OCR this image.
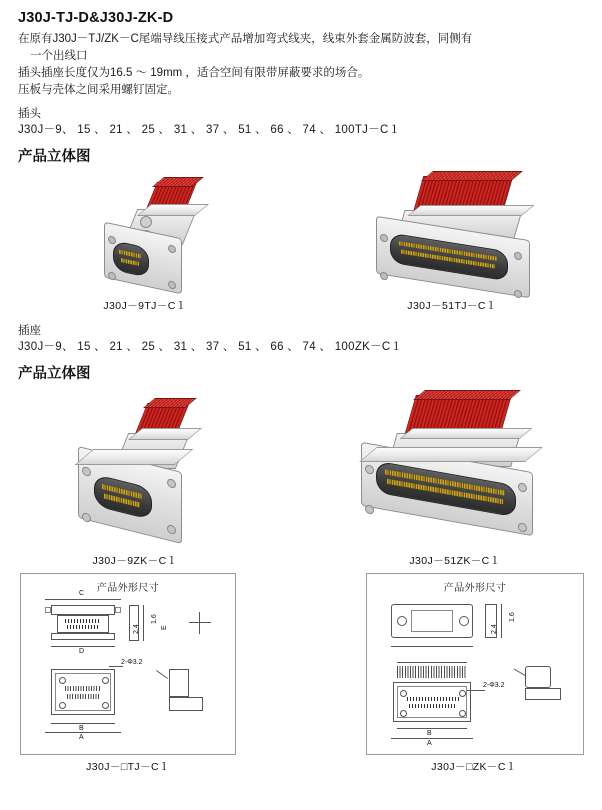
J30J-TJ-D&J30J-ZK-D
在原有J30J－TJ/ZK－C尾端导线压接式产品增加弯式线夹，线束外套金属防波套，同侧有
一个出线口
插头插座长度仅为16.5 ～ 19mm ，适合空间有限带屏蔽要求的场合。
压板与壳体之间采用螺钉固定。
插头
J30J－9、 15 、 21 、 25 、 31 、 37 、 51 、 66 、 74 、 100TJ－C１
产品立体图
J30J－9TJ－C１	J30J－51TJ－C１
插座
J30J－9、 15 、 21 、 25 、 31 、 37 、 51 、 66 、 74 、 100ZK－C１
产品立体图
J30J－9ZK－C１	J30J－51ZK－C１
产品外形尺寸
C
D
1.6
2.4	E
B
A
2-Φ3.2
J30J－□TJ－C１
产品外形尺寸
1.6
2.4
B
A
2-Φ3.2
J30J－□ZK－C１
